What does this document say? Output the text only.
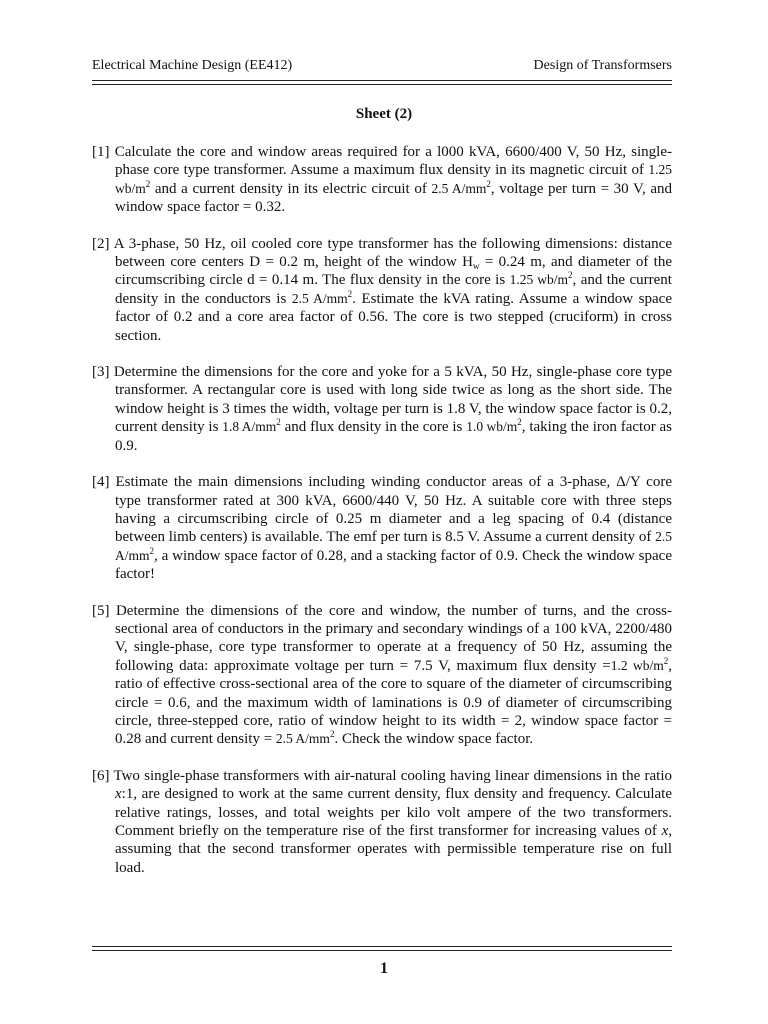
Electrical Machine Design (EE412)	Design of Transformsers
Sheet (2)

[1] Calculate the core and window areas required for a l000 kVA, 6600/400 V, 50 Hz, single-phase core type transformer. Assume a maximum flux density in its magnetic circuit of 1.25 $wb/m^2$ and a current density in its electric circuit of 2.5 $A/mm^2$, voltage per turn = 30 V, and window space factor = 0.32.

[2] A 3-phase, 50 Hz, oil cooled core type transformer has the following dimensions: distance between core centers D = 0.2 m, height of the window $H_w = 0.24$ m, and diameter of the circumscribing circle d = 0.14 m. The flux density in the core is 1.25 $wb/m^2$, and the current density in the conductors is 2.5 $A/mm^2$. Estimate the kVA rating. Assume a window space factor of 0.2 and a core area factor of 0.56. The core is two stepped (cruciform) in cross section.

[3] Determine the dimensions for the core and yoke for a 5 kVA, 50 Hz, single-phase core type transformer. A rectangular core is used with long side twice as long as the short side. The window height is 3 times the width, voltage per turn is 1.8 V, the window space factor is 0.2, current density is 1.8 $A/mm^2$ and flux density in the core is 1.0 $wb/m^2$, taking the iron factor as 0.9.

[4] Estimate the main dimensions including winding conductor areas of a 3-phase, Δ/Y core type transformer rated at 300 kVA, 6600/440 V, 50 Hz. A suitable core with three steps having a circumscribing circle of 0.25 m diameter and a leg spacing of 0.4 (distance between limb centers) is available. The emf per turn is 8.5 V. Assume a current density of 2.5 $A/mm^2$, a window space factor of 0.28, and a stacking factor of 0.9. Check the window space factor!

[5] Determine the dimensions of the core and window, the number of turns, and the cross-sectional area of conductors in the primary and secondary windings of a 100 kVA, 2200/480 V, single-phase, core type transformer to operate at a frequency of 50 Hz, assuming the following data: approximate voltage per turn = 7.5 V, maximum flux density =1.2 $wb/m^2$, ratio of effective cross-sectional area of the core to square of the diameter of circumscribing circle = 0.6, and the maximum width of laminations is 0.9 of diameter of circumscribing circle, three-stepped core, ratio of window height to its width = 2, window space factor = 0.28 and current density = 2.5 $A/mm^2$. Check the window space factor.

[6] Two single-phase transformers with air-natural cooling having linear dimensions in the ratio x:1, are designed to work at the same current density, flux density and frequency. Calculate relative ratings, losses, and total weights per kilo volt ampere of the two transformers. Comment briefly on the temperature rise of the first transformer for increasing values of x, assuming that the second transformer operates with permissible temperature rise on full load.

1
